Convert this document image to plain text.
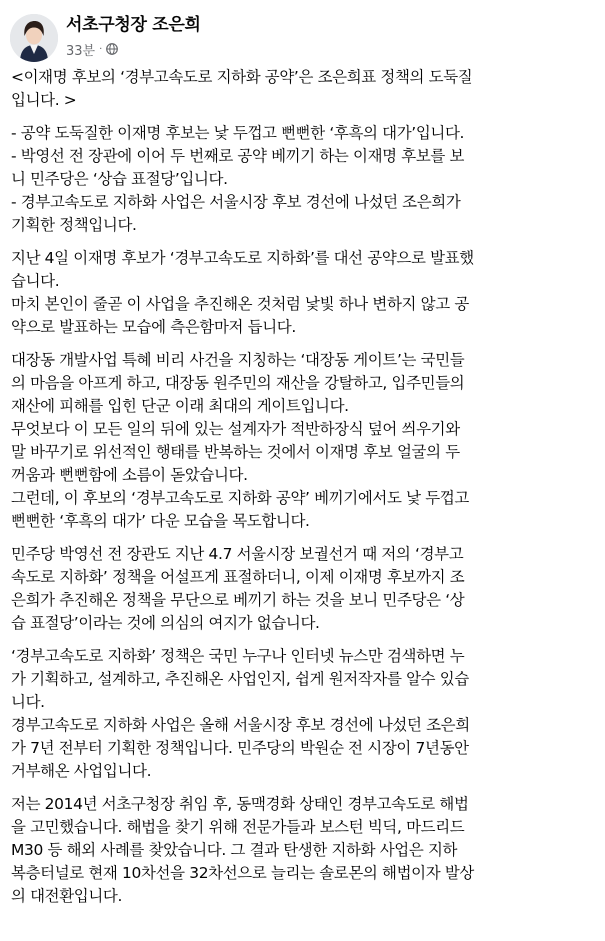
서초구청장 조은희
33분 ·
<이재명 후보의 ‘경부고속도로 지하화 공약’은 조은희표 정책의 도둑질
입니다. >
- 공약 도둑질한 이재명 후보는 낯 두껍고 뻔뻔한 ‘후흑의 대가’입니다.
- 박영선 전 장관에 이어 두 번째로 공약 베끼기 하는 이재명 후보를 보
니 민주당은 ‘상습 표절당’입니다.
- 경부고속도로 지하화 사업은 서울시장 후보 경선에 나섰던 조은희가
기획한 정책입니다.
지난 4일 이재명 후보가 ‘경부고속도로 지하화’를 대선 공약으로 발표했
습니다.
마치 본인이 줄곧 이 사업을 추진해온 것처럼 낯빛 하나 변하지 않고 공
약으로 발표하는 모습에 측은함마저 듭니다.
대장동 개발사업 특혜 비리 사건을 지칭하는 ‘대장동 게이트’는 국민들
의 마음을 아프게 하고, 대장동 원주민의 재산을 강탈하고, 입주민들의
재산에 피해를 입힌 단군 이래 최대의 게이트입니다.
무엇보다 이 모든 일의 뒤에 있는 설계자가 적반하장식 덮어 씌우기와
말 바꾸기로 위선적인 행태를 반복하는 것에서 이재명 후보 얼굴의 두
꺼움과 뻔뻔함에 소름이 돋았습니다.
그런데, 이 후보의 ‘경부고속도로 지하화 공약’ 베끼기에서도 낯 두껍고
뻔뻔한 ‘후흑의 대가’ 다운 모습을 목도합니다.
민주당 박영선 전 장관도 지난 4.7 서울시장 보궐선거 때 저의 ‘경부고
속도로 지하화’ 정책을 어설프게 표절하더니, 이제 이재명 후보까지 조
은희가 추진해온 정책을 무단으로 베끼기 하는 것을 보니 민주당은 ‘상
습 표절당’이라는 것에 의심의 여지가 없습니다.
‘경부고속도로 지하화’ 정책은 국민 누구나 인터넷 뉴스만 검색하면 누
가 기획하고, 설계하고, 추진해온 사업인지, 쉽게 원저작자를 알수 있습
니다.
경부고속도로 지하화 사업은 올해 서울시장 후보 경선에 나섰던 조은희
가 7년 전부터 기획한 정책입니다. 민주당의 박원순 전 시장이 7년동안
거부해온 사업입니다.
저는 2014년 서초구청장 취임 후, 동맥경화 상태인 경부고속도로 해법
을 고민했습니다. 해법을 찾기 위해 전문가들과 보스턴 빅딕, 마드리드
M30 등 해외 사례를 찾았습니다. 그 결과 탄생한 지하화 사업은 지하
복층터널로 현재 10차선을 32차선으로 늘리는 솔로몬의 해법이자 발상
의 대전환입니다.
